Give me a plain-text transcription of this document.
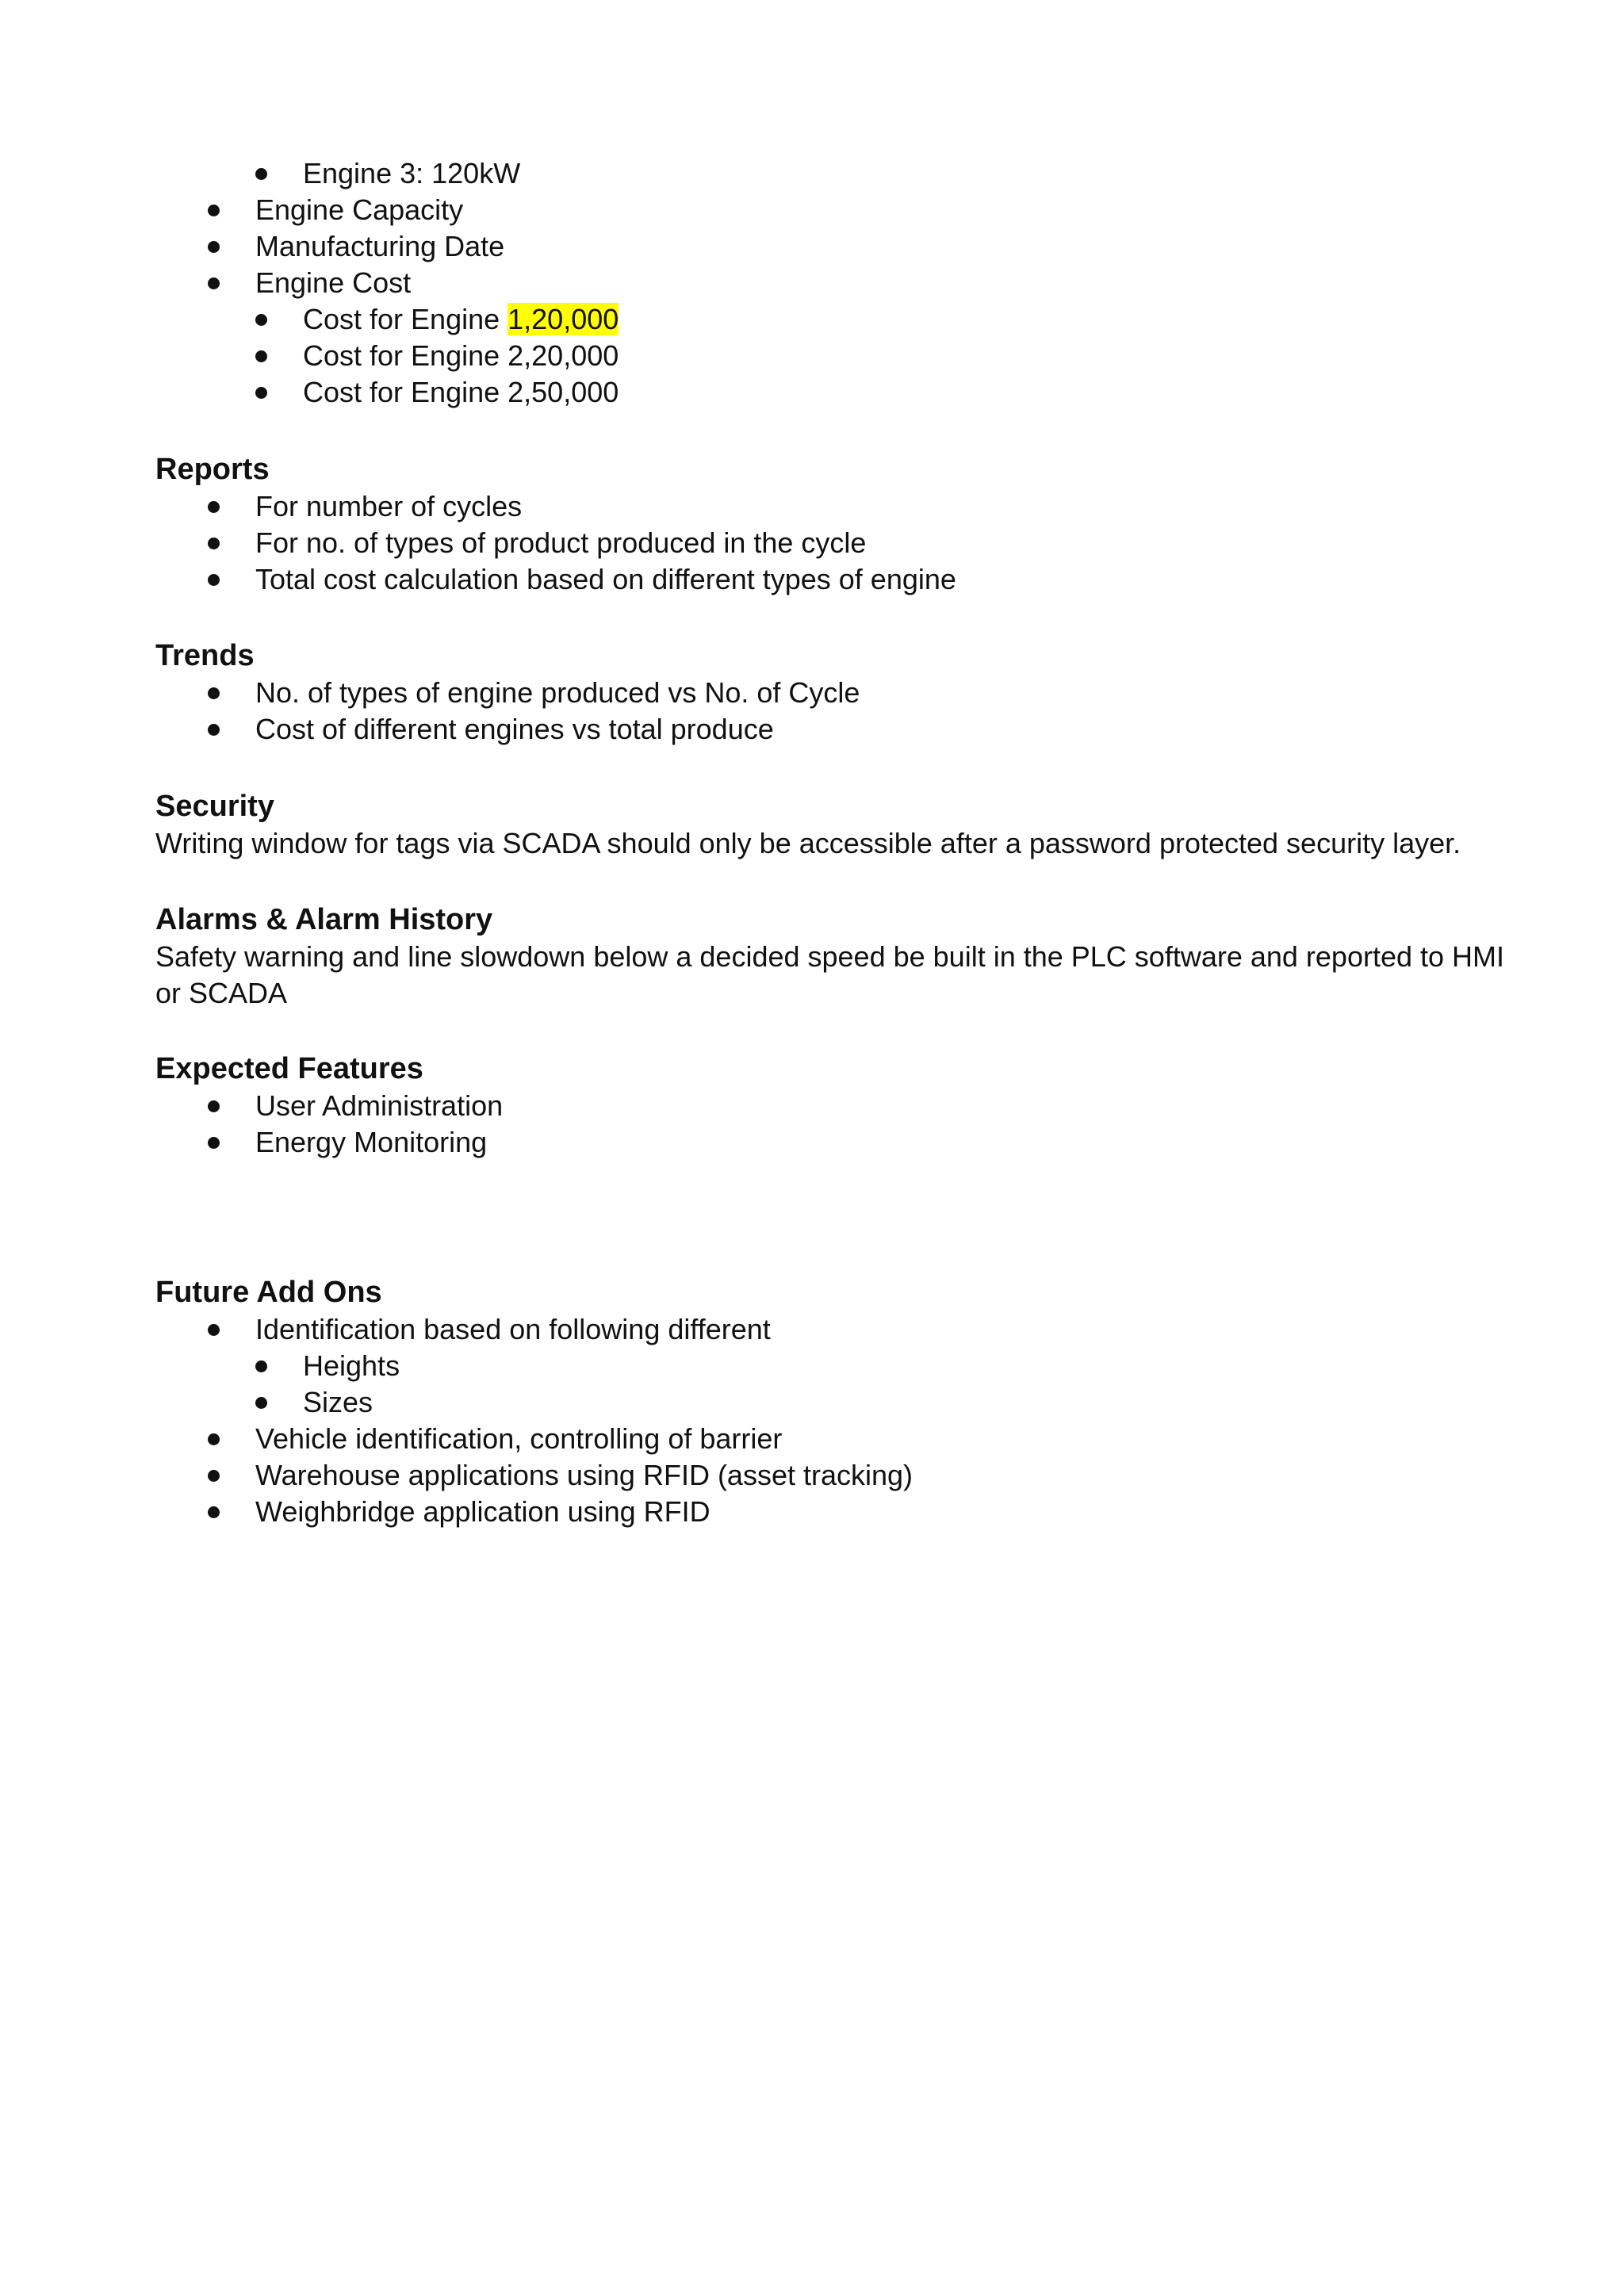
Engine 3: 120kW
Engine Capacity
Manufacturing Date
Engine Cost
Cost for Engine 1,20,000
Cost for Engine 2,20,000
Cost for Engine 2,50,000
Reports
For number of cycles
For no. of types of product produced in the cycle
Total cost calculation based on different types of engine
Trends
No. of types of engine produced vs No. of Cycle
Cost of different engines vs total produce
Security
Writing window for tags via SCADA should only be accessible after a password protected security layer.
Alarms & Alarm History
Safety warning and line slowdown below a decided speed be built in the PLC software and reported to HMI or SCADA
Expected Features
User Administration
Energy Monitoring
Future Add Ons
Identification based on following different
Heights
Sizes
Vehicle identification, controlling of barrier
Warehouse applications using RFID (asset tracking)
Weighbridge application using RFID
